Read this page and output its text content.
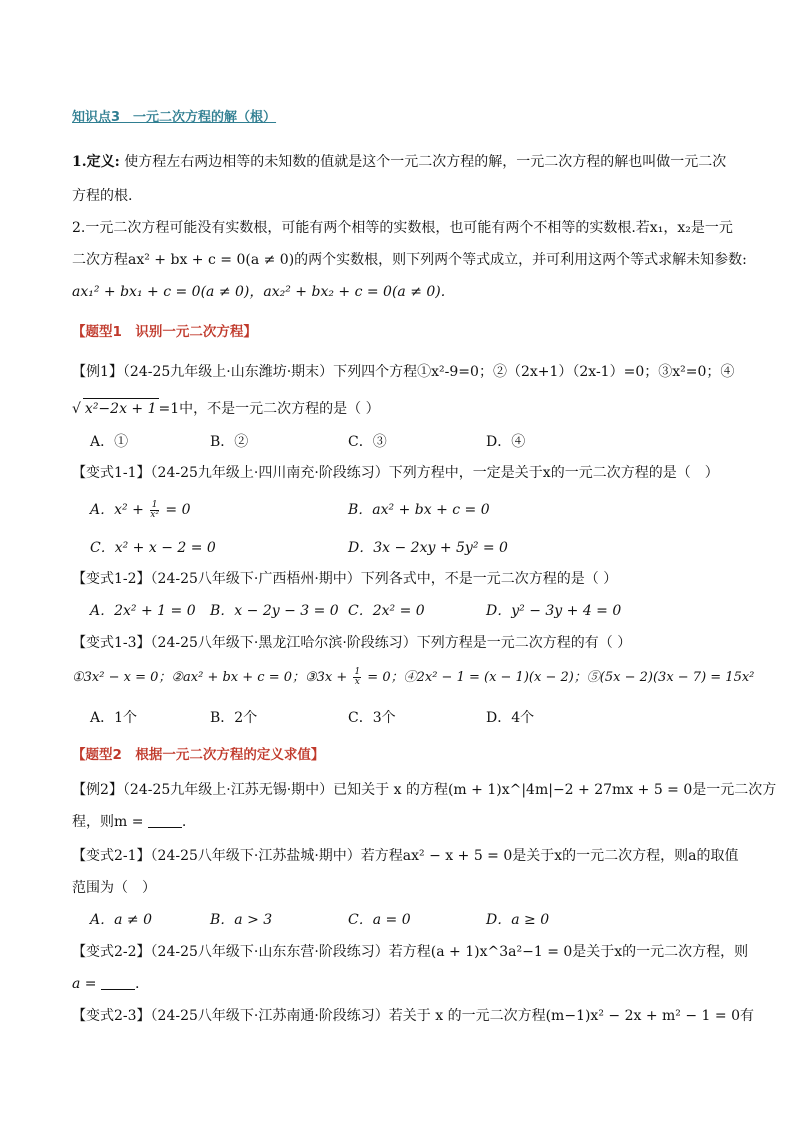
知识点3　一元二次方程的解（根）
1.定义: 使方程左右两边相等的未知数的值就是这个一元二次方程的解，一元二次方程的解也叫做一元二次
方程的根.
2.一元二次方程可能没有实数根，可能有两个相等的实数根，也可能有两个不相等的实数根.若x₁，x₂是一元
二次方程ax² + bx + c = 0(a ≠ 0)的两个实数根，则下列两个等式成立，并可利用这两个等式求解未知参数:
ax₁² + bx₁ + c = 0(a ≠ 0)，ax₂² + bx₂ + c = 0(a ≠ 0).
【题型1　识别一元二次方程】
【例1】（24-25九年级上·山东潍坊·期末）下列四个方程①x²-9=0；②（2x+1）（2x-1）=0；③x²=0；④
√ x²−2x + 1 =1中，不是一元二次方程的是（ ）
A．①	B．②	C．③	D．④
【变式1-1】（24-25九年级上·四川南充·阶段练习）下列方程中，一定是关于x的一元二次方程的是（　）
A．$x^2 + \frac{1}{\text{x²}} = 0$	B．ax² + bx + c = 0
C．x² + x − 2 = 0	D．3x − 2xy + 5y² = 0
【变式1-2】（24-25八年级下·广西梧州·期中）下列各式中，不是一元二次方程的是（ ）
A．2x² + 1 = 0 B．x − 2y − 3 = 0 C．2x² = 0	D．y² − 3y + 4 = 0
【变式1-3】（24-25八年级下·黑龙江哈尔滨·阶段练习）下列方程是一元二次方程的有（ ）
①3x² − x = 0；②ax² + bx + c = 0；③3x + $\frac{1}{x} = 0$；④2x² − 1 = (x − 1)(x − 2)；⑤(5x − 2)(3x − 7) = 15x²
A．1个	B．2个	C．3个	D．4个
【题型2　根据一元二次方程的定义求值】
【例2】（24-25九年级上·江苏无锡·期中）已知关于 x 的方程(m + 1)x^|4m|−2 + 27mx + 5 = 0是一元二次方
程，则m = .
【变式2-1】（24-25八年级下·江苏盐城·期中）若方程ax² − x + 5 = 0是关于x的一元二次方程，则a的取值
范围为（　）
A．a ≠ 0	B．a > 3	C．a = 0	D．a ≥ 0
【变式2-2】（24-25八年级下·山东东营·阶段练习）若方程(a + 1)x^3a²−1 = 0是关于x的一元二次方程，则
a = .
【变式2-3】（24-25八年级下·江苏南通·阶段练习）若关于 x 的一元二次方程(m−1)x² − 2x + m² − 1 = 0有
